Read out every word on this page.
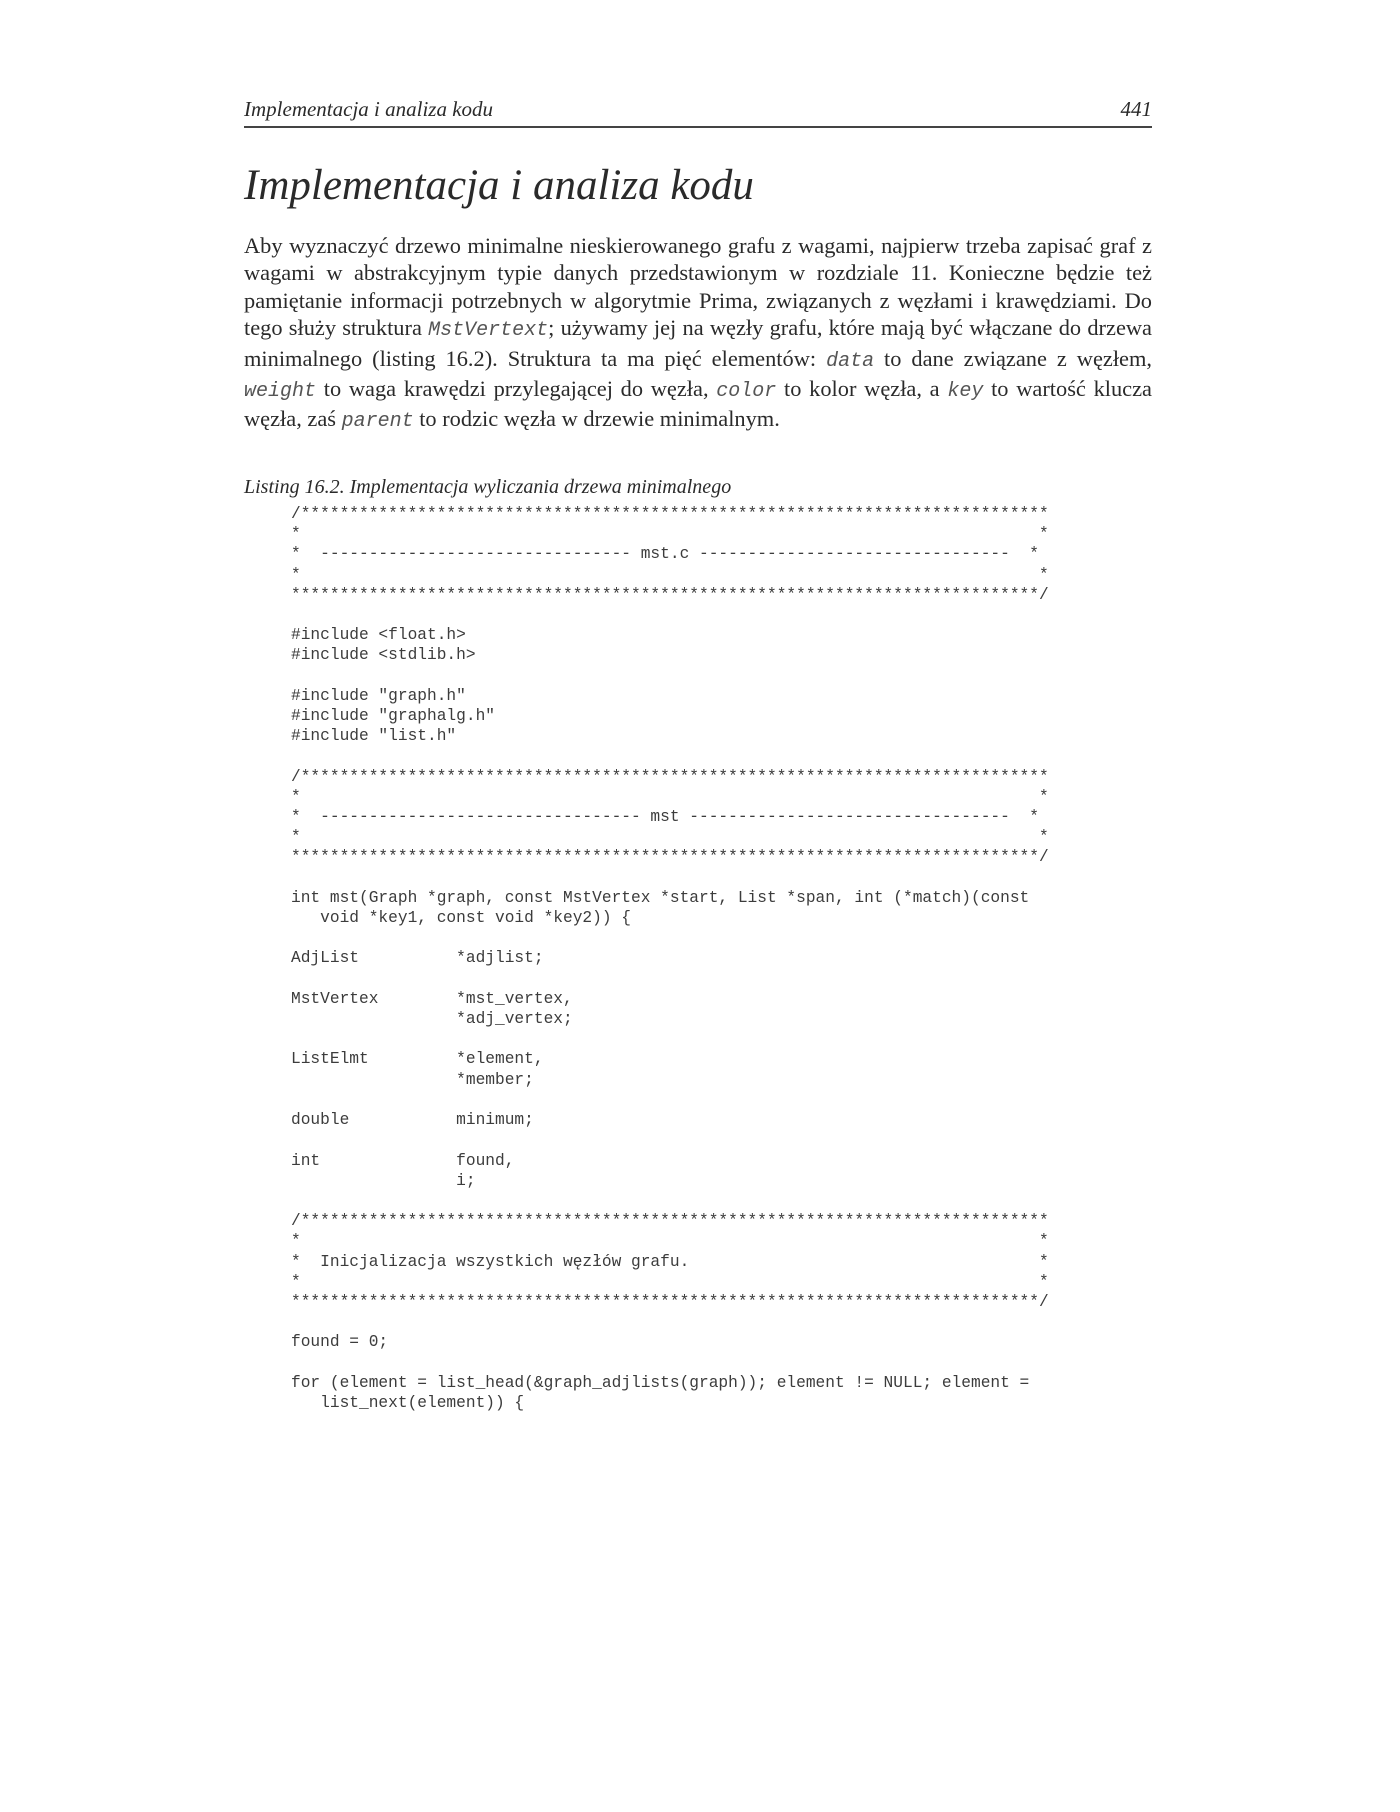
Implementacja i analiza kodu	441
Implementacja i analiza kodu

Aby wyznaczyć drzewo minimalne nieskierowanego grafu z wagami, najpierw trzeba zapisać graf z wagami w abstrakcyjnym typie danych przedstawionym w rozdziale 11. Konieczne będzie też pamiętanie informacji potrzebnych w algorytmie Prima, związanych z węzłami i krawędziami. Do tego służy struktura MstVertext; używamy jej na węzły grafu, które mają być włączane do drzewa minimalnego (listing 16.2). Struktura ta ma pięć elementów: data to dane związane z węzłem, weight to waga krawędzi przylegającej do węzła, color to kolor węzła, a key to wartość klucza węzła, zaś parent to rodzic węzła w drzewie minimalnym.

Listing 16.2. Implementacja wyliczania drzewa minimalnego
/*****************************************************************************
*                                                                            *
*  -------------------------------- mst.c --------------------------------  *
*                                                                            *
*****************************************************************************/

#include <float.h>
#include <stdlib.h>

#include "graph.h"
#include "graphalg.h"
#include "list.h"

/*****************************************************************************
*                                                                            *
*  --------------------------------- mst ---------------------------------  *
*                                                                            *
*****************************************************************************/

int mst(Graph *graph, const MstVertex *start, List *span, int (*match)(const
void *key1, const void *key2)) {

AdjList          *adjlist;

MstVertex        *mst_vertex,
*adj_vertex;

ListElmt         *element,
*member;

double           minimum;

int              found,
i;

/*****************************************************************************
*                                                                            *
*  Inicjalizacja wszystkich węzłów grafu.                                    *
*                                                                            *
*****************************************************************************/

found = 0;

for (element = list_head(&graph_adjlists(graph)); element != NULL; element =
list_next(element)) {
